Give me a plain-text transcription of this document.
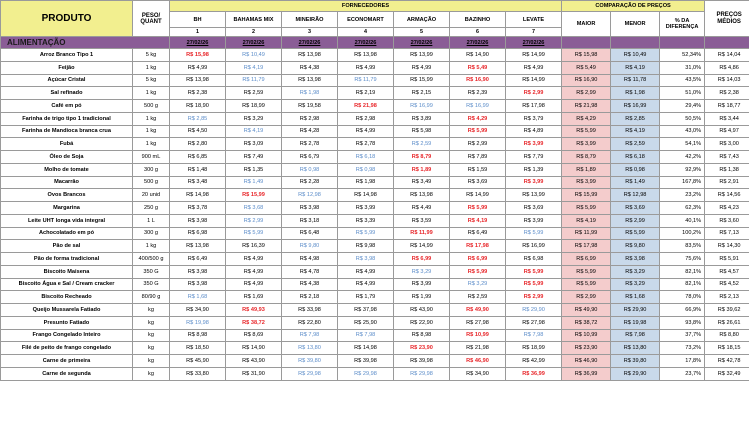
PRODUTO	PESO/
QUANT	FORNECEDORES							COMPARAÇÃO DE PREÇOS			PREÇOS
MÉDIOS
		BH	BAHAMAS MIX	MINEIRÃO	ECONOMART	ARMAÇÃO	BAZINHO	LEVATE	MAIOR	MENOR	% DA
DIFERENÇA	
		1	2	3	4	5	6	7				
ALIMENTAÇÃO		27/02/26	27/02/26	27/02/26	27/02/26	27/02/26	27/02/26	27/02/26				
Arroz Branco Tipo 1	5 kg	R$ 15,98	R$ 10,49	R$ 13,98	R$ 13,98	R$ 13,99	R$ 14,90	R$ 14,99	R$ 15,98	R$ 10,49	52,34%	R$ 14,04
Feijão	1 kg	R$ 4,99	R$ 4,19	R$ 4,38	R$ 4,99	R$ 4,99	R$ 5,49	R$ 4,99	R$ 5,49	R$ 4,19	31,0%	R$ 4,86
Açúcar Cristal	5 kg	R$ 13,98	R$ 11,79	R$ 13,98	R$ 11,79	R$ 15,99	R$ 16,90	R$ 14,99	R$ 16,90	R$ 11,78	43,5%	R$ 14,03
Sal refinado	1 kg	R$ 2,38	R$ 2,59	R$ 1,98	R$ 2,19	R$ 2,15	R$ 2,39	R$ 2,99	R$ 2,99	R$ 1,98	51,0%	R$ 2,38
Café em pó	500 g	R$ 18,90	R$ 18,99	R$ 19,58	R$ 21,98	R$ 16,99	R$ 16,99	R$ 17,98	R$ 21,98	R$ 16,99	29,4%	R$ 18,77
Farinha de trigo tipo 1 tradicional	1 kg	R$ 2,85	R$ 3,29	R$ 2,98	R$ 2,98	R$ 3,89	R$ 4,29	R$ 3,79	R$ 4,29	R$ 2,85	50,5%	R$ 3,44
Farinha de Mandioca branca crua	1 kg	R$ 4,50	R$ 4,19	R$ 4,28	R$ 4,99	R$ 5,98	R$ 5,99	R$ 4,89	R$ 5,99	R$ 4,19	43,0%	R$ 4,97
Fubá	1 kg	R$ 2,80	R$ 3,09	R$ 2,78	R$ 2,78	R$ 2,59	R$ 2,99	R$ 3,99	R$ 3,99	R$ 2,59	54,1%	R$ 3,00
Óleo de Soja	900 mL	R$ 6,85	R$ 7,49	R$ 6,79	R$ 6,18	R$ 8,79	R$ 7,89	R$ 7,79	R$ 8,79	R$ 6,18	42,2%	R$ 7,43
Molho de tomate	300 g	R$ 1,48	R$ 1,35	R$ 0,98	R$ 0,98	R$ 1,89	R$ 1,59	R$ 1,39	R$ 1,89	R$ 0,98	92,9%	R$ 1,38
Macarrão	500 g	R$ 3,48	R$ 1,49	R$ 2,28	R$ 1,98	R$ 3,49	R$ 3,69	R$ 3,99	R$ 3,99	R$ 1,49	167,8%	R$ 2,91
Ovos Brancos	20 unid	R$ 14,98	R$ 15,99	R$ 12,98	R$ 14,98	R$ 13,98	R$ 14,99	R$ 13,99	R$ 15,99	R$ 12,98	23,2%	R$ 14,56
Margarina	250 g	R$ 3,78	R$ 3,68	R$ 3,98	R$ 3,99	R$ 4,49	R$ 5,99	R$ 3,69	R$ 5,99	R$ 3,69	62,3%	R$ 4,23
Leite UHT longa vida integral	1 L	R$ 3,98	R$ 2,99	R$ 3,18	R$ 3,39	R$ 3,59	R$ 4,19	R$ 3,99	R$ 4,19	R$ 2,99	40,1%	R$ 3,60
Achocolatado em pó	300 g	R$ 6,98	R$ 5,99	R$ 6,48	R$ 5,99	R$ 11,99	R$ 6,49	R$ 5,99	R$ 11,99	R$ 5,99	100,2%	R$ 7,13
Pão de sal	1 kg	R$ 13,98	R$ 16,39	R$ 9,80	R$ 9,98	R$ 14,99	R$ 17,98	R$ 16,99	R$ 17,98	R$ 9,80	83,5%	R$ 14,30
Pão de forma tradicional	400/500 g	R$ 6,49	R$ 4,99	R$ 4,98	R$ 3,98	R$ 6,99	R$ 6,99	R$ 6,98	R$ 6,99	R$ 3,98	75,6%	R$ 5,91
Biscoito Maisena	350 G	R$ 3,98	R$ 4,99	R$ 4,78	R$ 4,99	R$ 3,29	R$ 5,99	R$ 5,99	R$ 5,99	R$ 3,29	82,1%	R$ 4,57
Biscoito Água e Sal / Cream cracker	350 G	R$ 3,98	R$ 4,99	R$ 4,38	R$ 4,99	R$ 3,99	R$ 3,29	R$ 5,99	R$ 5,99	R$ 3,29	82,1%	R$ 4,52
Biscoito Recheado	80/90 g	R$ 1,68	R$ 1,69	R$ 2,18	R$ 1,79	R$ 1,99	R$ 2,59	R$ 2,99	R$ 2,99	R$ 1,68	78,0%	R$ 2,13
Queijo Mussarela Fatiado	kg	R$ 34,90	R$ 49,93	R$ 33,98	R$ 37,98	R$ 43,90	R$ 49,90	R$ 29,90	R$ 49,90	R$ 29,90	66,9%	R$ 39,62
Presunto Fatiado	kg	R$ 19,98	R$ 38,72	R$ 22,80	R$ 25,90	R$ 22,90	R$ 27,98	R$ 27,98	R$ 38,72	R$ 19,98	93,8%	R$ 26,61
Frango Congelado Inteiro	kg	R$ 8,98	R$ 8,69	R$ 7,98	R$ 7,98	R$ 8,98	R$ 10,99	R$ 7,98	R$ 10,99	R$ 7,98	37,7%	R$ 8,80
Filé de peito de frango congelado	kg	R$ 18,50	R$ 14,90	R$ 13,80	R$ 14,98	R$ 23,90	R$ 21,98	R$ 18,99	R$ 23,90	R$ 13,80	73,2%	R$ 18,15
Carne de primeira	kg	R$ 45,90	R$ 43,90	R$ 39,80	R$ 39,98	R$ 39,98	R$ 46,90	R$ 42,99	R$ 46,90	R$ 39,80	17,8%	R$ 42,78
Carne de segunda	kg	R$ 33,80	R$ 31,90	R$ 29,98	R$ 29,98	R$ 29,98	R$ 34,90	R$ 36,99	R$ 36,99	R$ 29,90	23,7%	R$ 32,49
